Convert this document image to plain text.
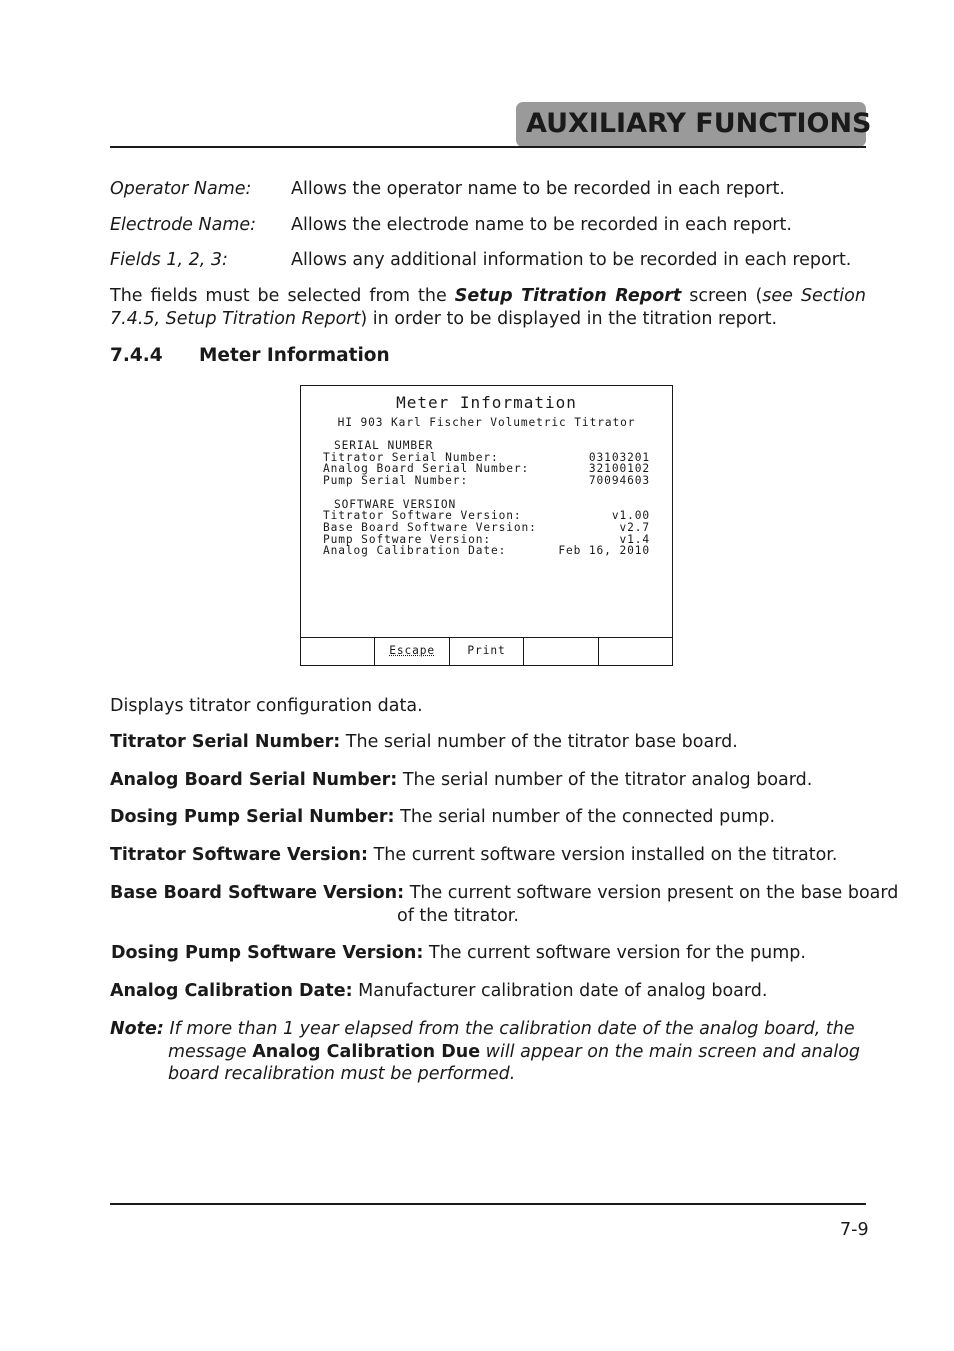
AUXILIARY FUNCTIONS
Operator Name: Allows the operator name to be recorded in each report.
Electrode Name: Allows the electrode name to be recorded in each report.
Fields 1, 2, 3:	Allows any additional information to be recorded in each report.
The fields must be selected from the Setup Titration Report screen (see Section 7.4.5, Setup Titration Report) in order to be displayed in the titration report.
7.4.4 Meter Information
Meter Information
HI 903 Karl Fischer Volumetric Titrator
SERIAL NUMBER
Titrator Serial Number:	03103201
Analog Board Serial Number:	32100102
Pump Serial Number:	70094603
SOFTWARE VERSION
Titrator Software Version:	v1.00
Base Board Software Version:	v2.7
Pump Software Version:	v1.4
Analog Calibration Date:	Feb 16, 2010
Escape	Print
Displays titrator configuration data.
Titrator Serial Number: The serial number of the titrator base board.
Analog Board Serial Number: The serial number of the titrator analog board.
Dosing Pump Serial Number: The serial number of the connected pump.
Titrator Software Version: The current software version installed on the titrator.
Base Board Software Version: The current software version present on the base board
of the titrator.
Dosing Pump Software Version: The current software version for the pump.
Analog Calibration Date: Manufacturer calibration date of analog board.
Note: If more than 1 year elapsed from the calibration date of the analog board, the
message Analog Calibration Due will appear on the main screen and analog
board recalibration must be performed.
7-9
